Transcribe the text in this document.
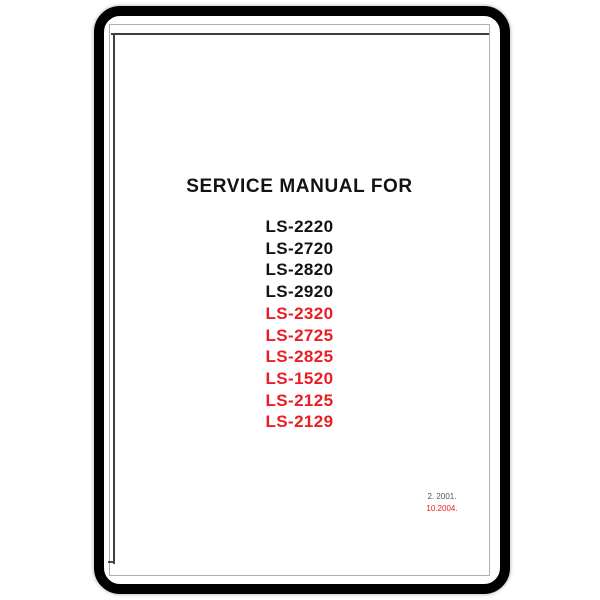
SERVICE MANUAL FOR
LS-2220
LS-2720
LS-2820
LS-2920
LS-2320
LS-2725
LS-2825
LS-1520
LS-2125
LS-2129
2. 2001.
10.2004.
